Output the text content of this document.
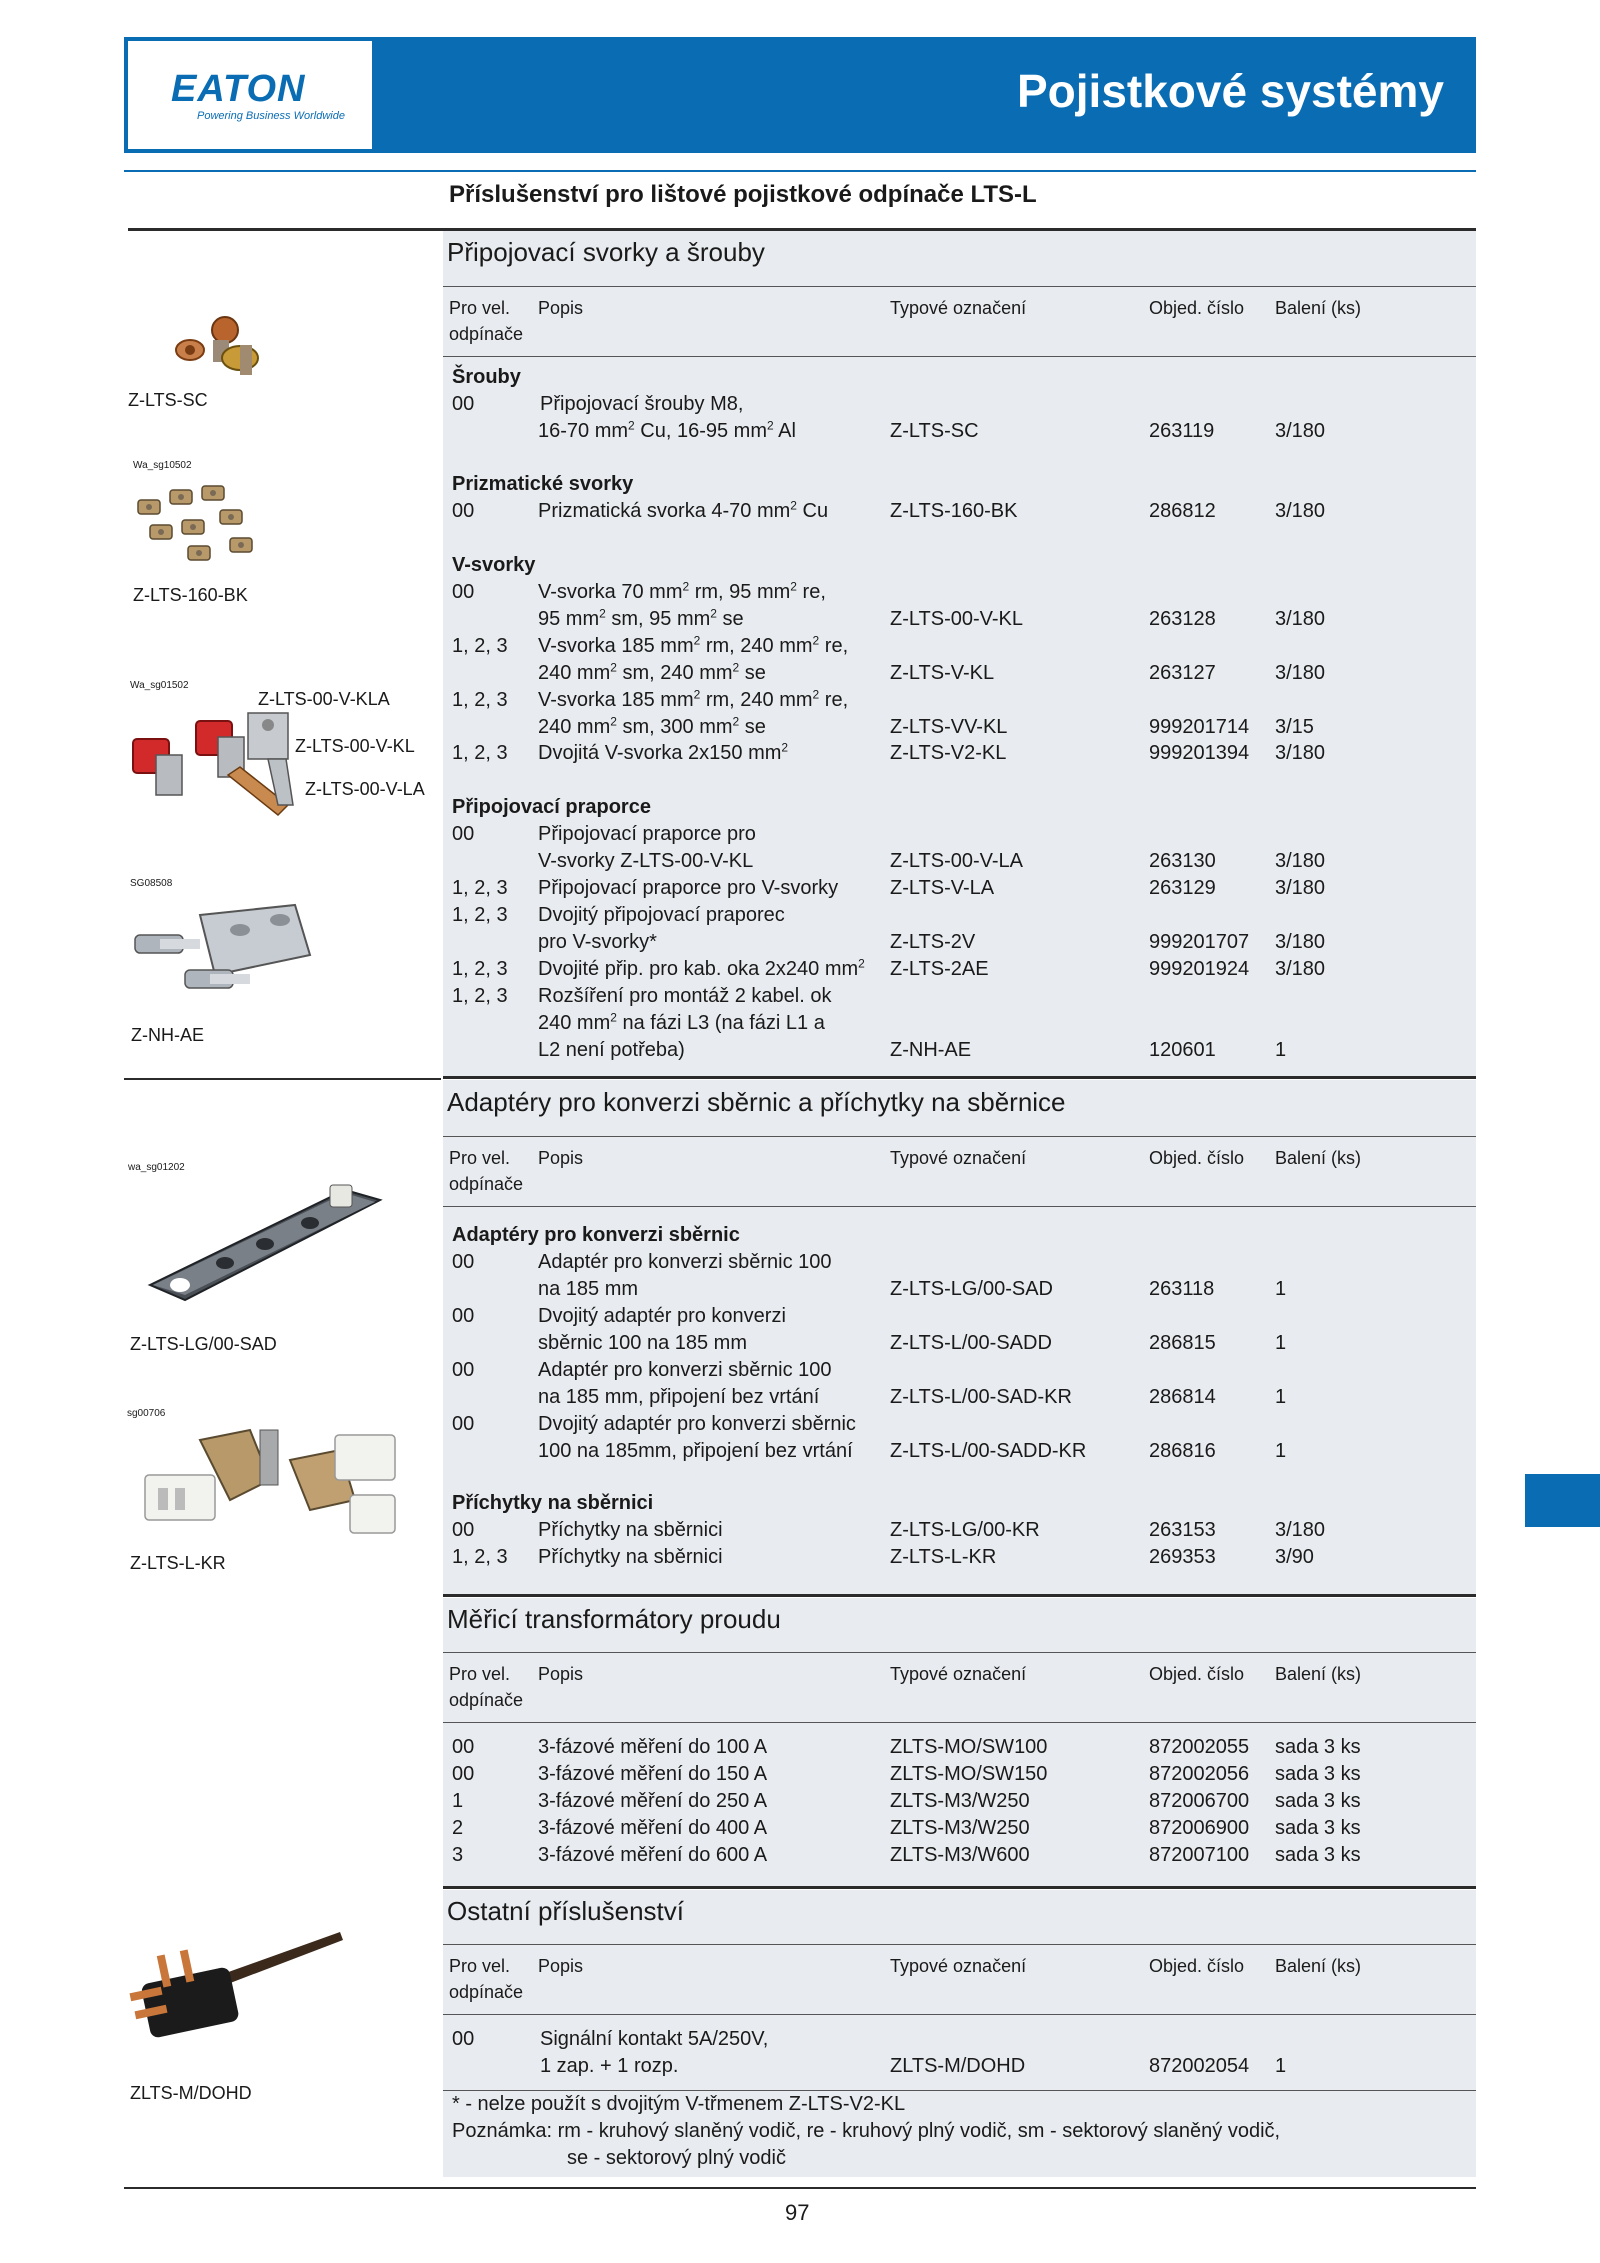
EATON
Powering Business Worldwide	Pojistkové systémy
Příslušenství pro lištové pojistkové odpínače LTS-L
Připojovací svorky a šrouby
Adaptéry pro konverzi sběrnic a příchytky na sběrnice
Měřicí transformátory proudu
Ostatní příslušenství
Pro vel.
odpínače
Popis	Typové označení	Objed. číslo Balení (ks)
Pro vel.
odpínače
Popis	Typové označení	Objed. číslo Balení (ks)
Pro vel.
odpínače
Popis	Typové označení	Objed. číslo Balení (ks)
Pro vel.
odpínače
Popis	Typové označení	Objed. číslo Balení (ks)
Šrouby
Prizmatické svorky
V-svorky
Připojovací praporce
Adaptéry pro konverzi sběrnic
Příchytky na sběrnici
00	Připojovací šrouby M8,
16-70 $mm^2$ Cu, 16-95 $mm^2$ Al	Z-LTS-SC	263119	3/180
00	Prizmatická svorka 4-70 $mm^2$ Cu	Z-LTS-160-BK	286812	3/180
00	V-svorka 70 $mm^2$ rm, 95 $mm^2$ re,
95 $mm^2$ sm, 95 $mm^2$ se	Z-LTS-00-V-KL	263128	3/180
1, 2, 3 V-svorka 185 $mm^2$ rm, 240 $mm^2$ re,
240 $mm^2$ sm, 240 $mm^2$ se	Z-LTS-V-KL	263127	3/180
1, 2, 3 V-svorka 185 $mm^2$ rm, 240 $mm^2$ re,
240 $mm^2$ sm, 300 $mm^2$ se	Z-LTS-VV-KL	999201714 3/15
1, 2, 3 Dvojitá V-svorka 2x150 $mm^2$	Z-LTS-V2-KL	999201394 3/180
00	Připojovací praporce pro
V-svorky Z-LTS-00-V-KL	Z-LTS-00-V-LA	263130	3/180
1, 2, 3 Připojovací praporce pro V-svorky	Z-LTS-V-LA	263129	3/180
1, 2, 3 Dvojitý připojovací praporec
pro V-svorky*	Z-LTS-2V	999201707 3/180
1, 2, 3 Dvojité přip. pro kab. oka 2x240 $mm^2$ Z-LTS-2AE	999201924 3/180
1, 2, 3 Rozšíření pro montáž 2 kabel. ok
240 $mm^2$ na fázi L3 (na fázi L1 a
L2 není potřeba)	Z-NH-AE	120601	1
00	Adaptér pro konverzi sběrnic 100
na 185 mm	Z-LTS-LG/00-SAD	263118	1
00	Dvojitý adaptér pro konverzi
sběrnic 100 na 185 mm	Z-LTS-L/00-SADD	286815	1
00	Adaptér pro konverzi sběrnic 100
na 185 mm, připojení bez vrtání	Z-LTS-L/00-SAD-KR	286814	1
00	Dvojitý adaptér pro konverzi sběrnic
100 na 185mm, připojení bez vrtání Z-LTS-L/00-SADD-KR	286816	1
00	Příchytky na sběrnici	Z-LTS-LG/00-KR	263153	3/180
1, 2, 3 Příchytky na sběrnici	Z-LTS-L-KR	269353	3/90
00	3-fázové měření do 100 A	ZLTS-MO/SW100	872002055 sada 3 ks
00	3-fázové měření do 150 A	ZLTS-MO/SW150	872002056 sada 3 ks
1	3-fázové měření do 250 A	ZLTS-M3/W250	872006700 sada 3 ks
2	3-fázové měření do 400 A	ZLTS-M3/W250	872006900 sada 3 ks
3	3-fázové měření do 600 A	ZLTS-M3/W600	872007100 sada 3 ks
00	Signální kontakt 5A/250V,
1 zap. + 1 rozp.	ZLTS-M/DOHD	872002054 1
* - nelze použít s dvojitým V-třmenem Z-LTS-V2-KL
Poznámka: rm - kruhový slaněný vodič, re - kruhový plný vodič, sm - sektorový slaněný vodič,
se - sektorový plný vodič
Z-LTS-SC
Wa_sg10502
Z-LTS-160-BK
Wa_sg01502
Z-LTS-00-V-KLA
Z-LTS-00-V-KL
Z-LTS-00-V-LA
SG08508
Z-NH-AE
wa_sg01202
Z-LTS-LG/00-SAD
sg00706
Z-LTS-L-KR
ZLTS-M/DOHD
97
